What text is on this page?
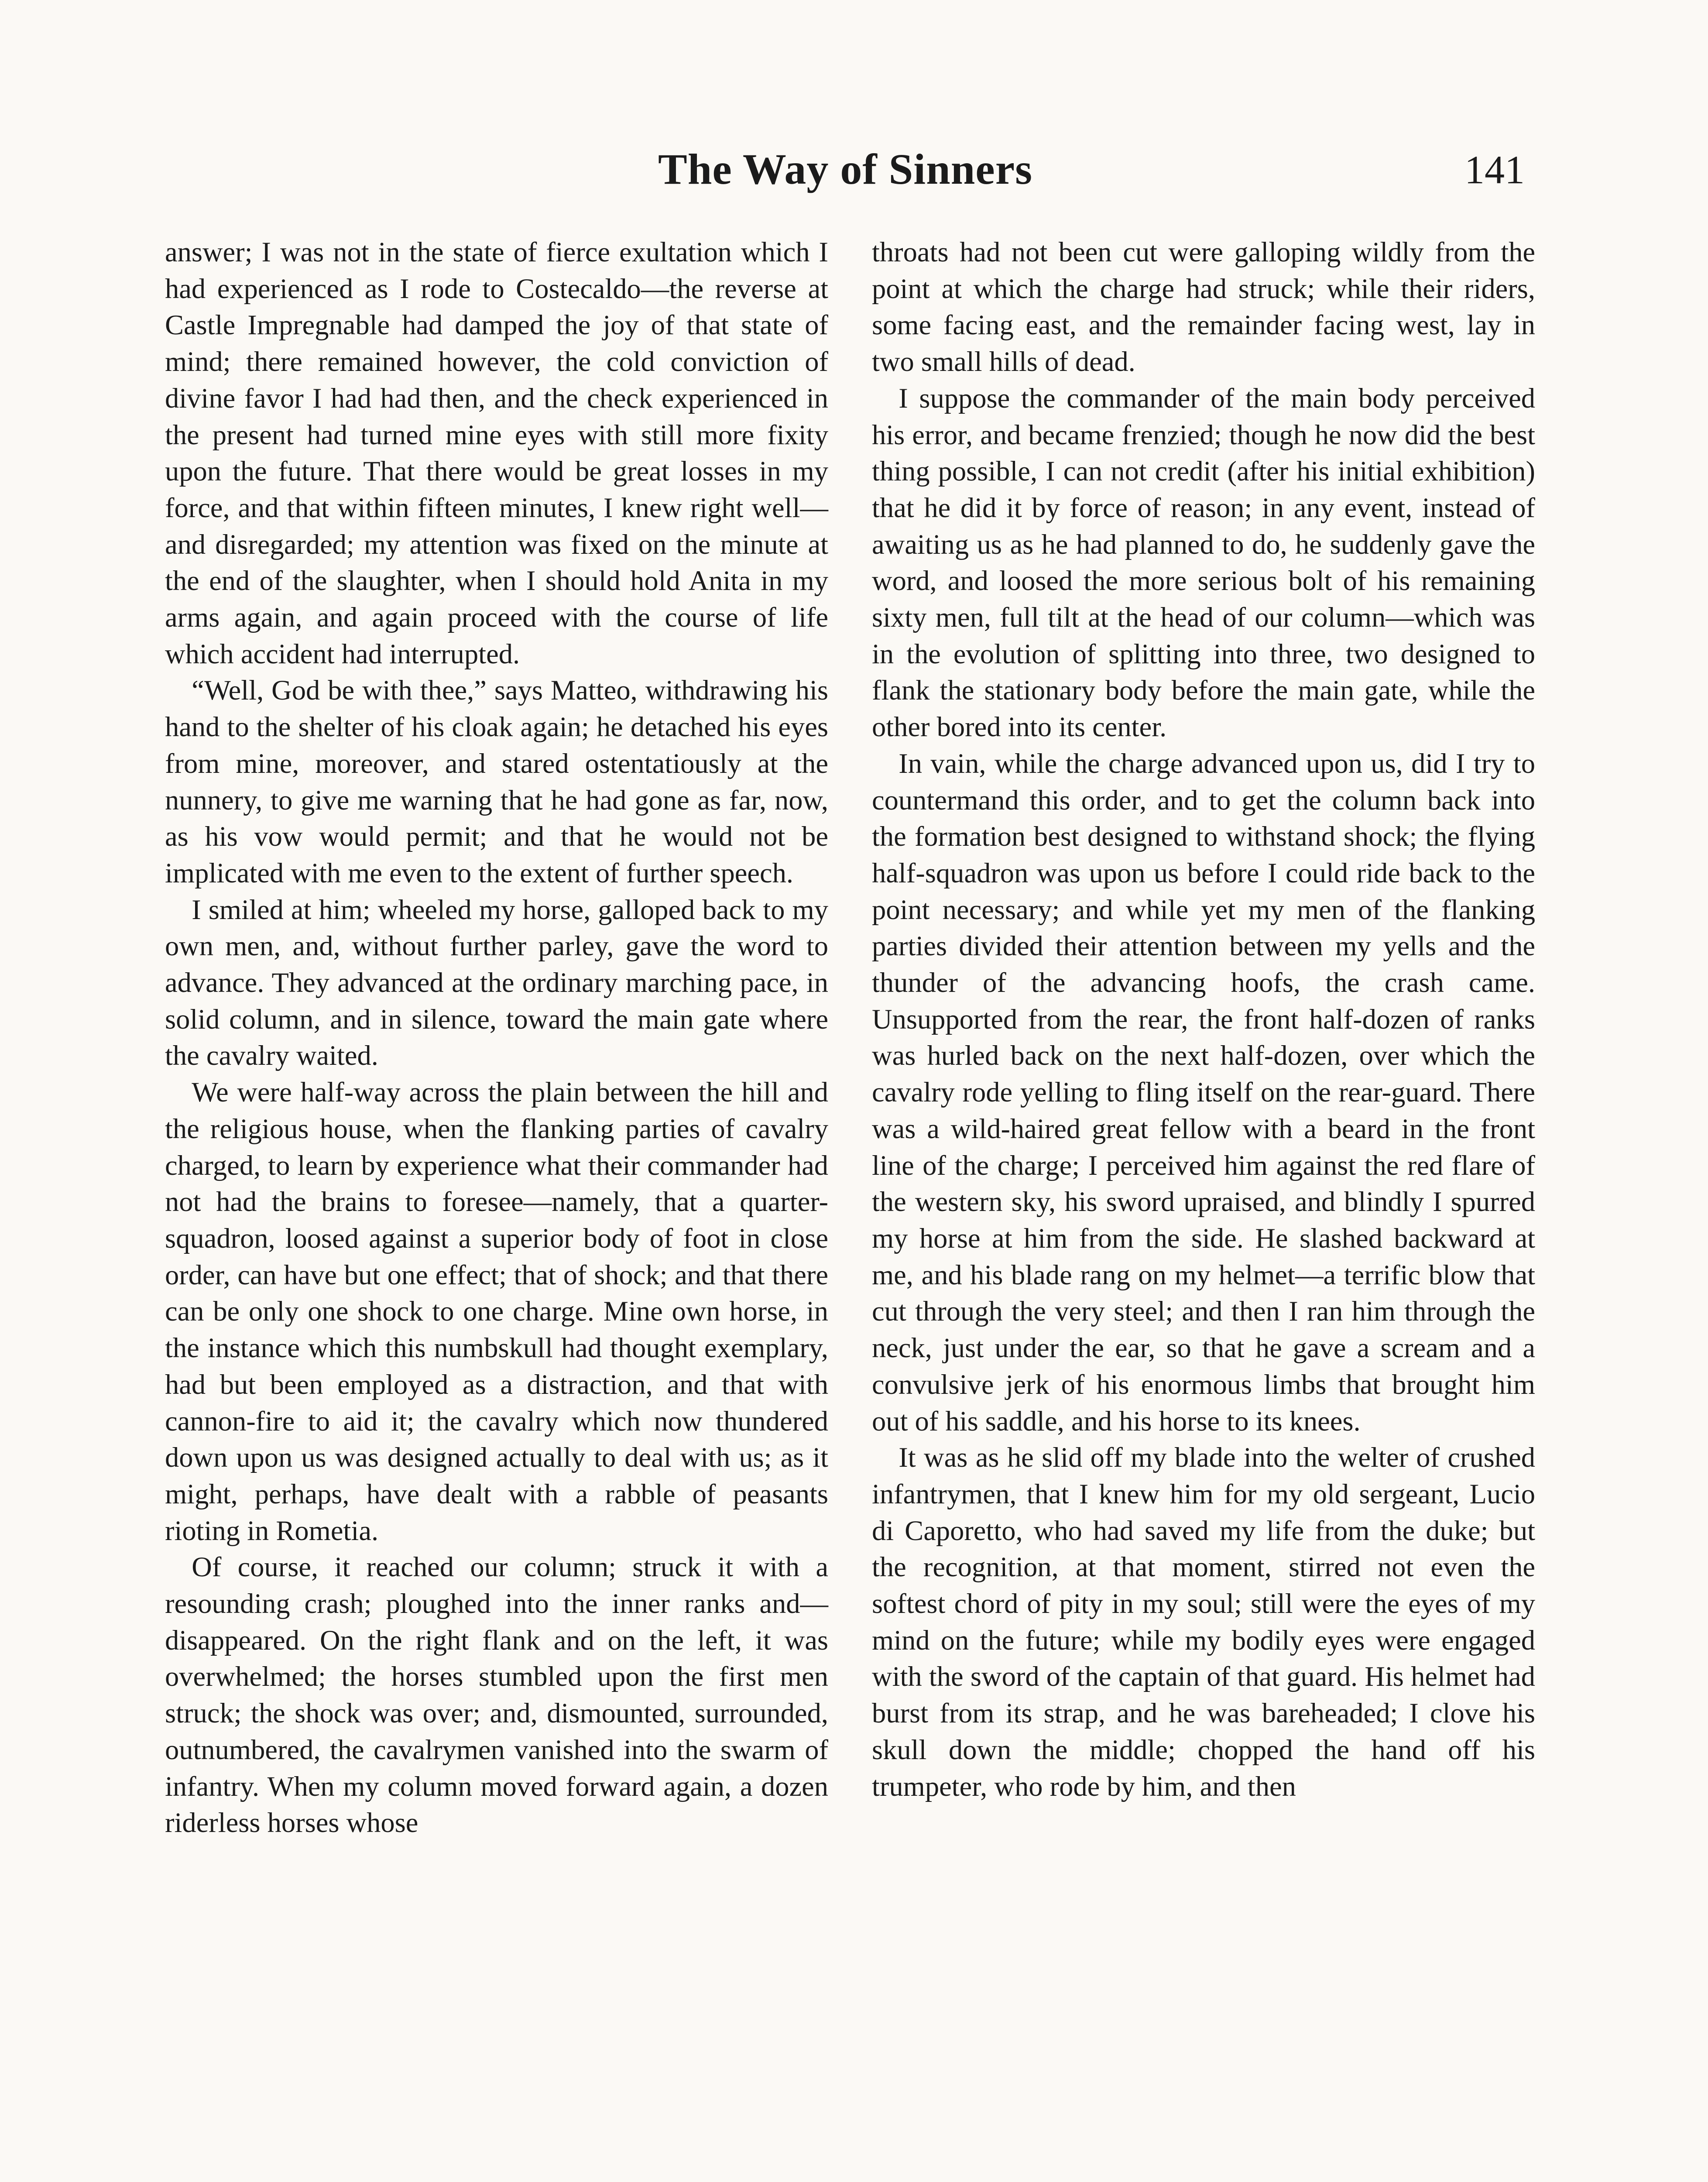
The Way of Sinners	141

answer; I was not in the state of fierce exultation which I had experienced as I rode to Costecaldo—the reverse at Castle Impregnable had damped the joy of that state of mind; there remained however, the cold conviction of divine favor I had had then, and the check experienced in the present had turned mine eyes with still more fixity upon the future. That there would be great losses in my force, and that within fifteen minutes, I knew right well—and disregarded; my attention was fixed on the minute at the end of the slaughter, when I should hold Anita in my arms again, and again proceed with the course of life which accident had interrupted.

“Well, God be with thee,” says Matteo, withdrawing his hand to the shelter of his cloak again; he detached his eyes from mine, moreover, and stared ostentatiously at the nunnery, to give me warning that he had gone as far, now, as his vow would permit; and that he would not be implicated with me even to the extent of further speech.

I smiled at him; wheeled my horse, galloped back to my own men, and, without further parley, gave the word to advance. They advanced at the ordinary marching pace, in solid column, and in silence, toward the main gate where the cavalry waited.

We were half-way across the plain between the hill and the religious house, when the flanking parties of cavalry charged, to learn by experience what their commander had not had the brains to foresee—namely, that a quarter-squadron, loosed against a superior body of foot in close order, can have but one effect; that of shock; and that there can be only one shock to one charge. Mine own horse, in the instance which this numbskull had thought exemplary, had but been employed as a distraction, and that with cannon-fire to aid it; the cavalry which now thundered down upon us was designed actually to deal with us; as it might, perhaps, have dealt with a rabble of peasants rioting in Rometia.

Of course, it reached our column; struck it with a resounding crash; ploughed into the inner ranks and—disappeared. On the right flank and on the left, it was overwhelmed; the horses stumbled upon the first men struck; the shock was over; and, dismounted, surrounded, outnumbered, the cavalrymen vanished into the swarm of infantry. When my column moved forward again, a dozen riderless horses whose

throats had not been cut were galloping wildly from the point at which the charge had struck; while their riders, some facing east, and the remainder facing west, lay in two small hills of dead.

I suppose the commander of the main body perceived his error, and became frenzied; though he now did the best thing possible, I can not credit (after his initial exhibition) that he did it by force of reason; in any event, instead of awaiting us as he had planned to do, he suddenly gave the word, and loosed the more serious bolt of his remaining sixty men, full tilt at the head of our column—which was in the evolution of splitting into three, two designed to flank the stationary body before the main gate, while the other bored into its center.

In vain, while the charge advanced upon us, did I try to countermand this order, and to get the column back into the formation best designed to withstand shock; the flying half-squadron was upon us before I could ride back to the point necessary; and while yet my men of the flanking parties divided their attention between my yells and the thunder of the advancing hoofs, the crash came. Unsupported from the rear, the front half-dozen of ranks was hurled back on the next half-dozen, over which the cavalry rode yelling to fling itself on the rear-guard. There was a wild-haired great fellow with a beard in the front line of the charge; I perceived him against the red flare of the western sky, his sword upraised, and blindly I spurred my horse at him from the side. He slashed backward at me, and his blade rang on my helmet—a terrific blow that cut through the very steel; and then I ran him through the neck, just under the ear, so that he gave a scream and a convulsive jerk of his enormous limbs that brought him out of his saddle, and his horse to its knees.

It was as he slid off my blade into the welter of crushed infantrymen, that I knew him for my old sergeant, Lucio di Caporetto, who had saved my life from the duke; but the recognition, at that moment, stirred not even the softest chord of pity in my soul; still were the eyes of my mind on the future; while my bodily eyes were engaged with the sword of the captain of that guard. His helmet had burst from its strap, and he was bareheaded; I clove his skull down the middle; chopped the hand off his trumpeter, who rode by him, and then
